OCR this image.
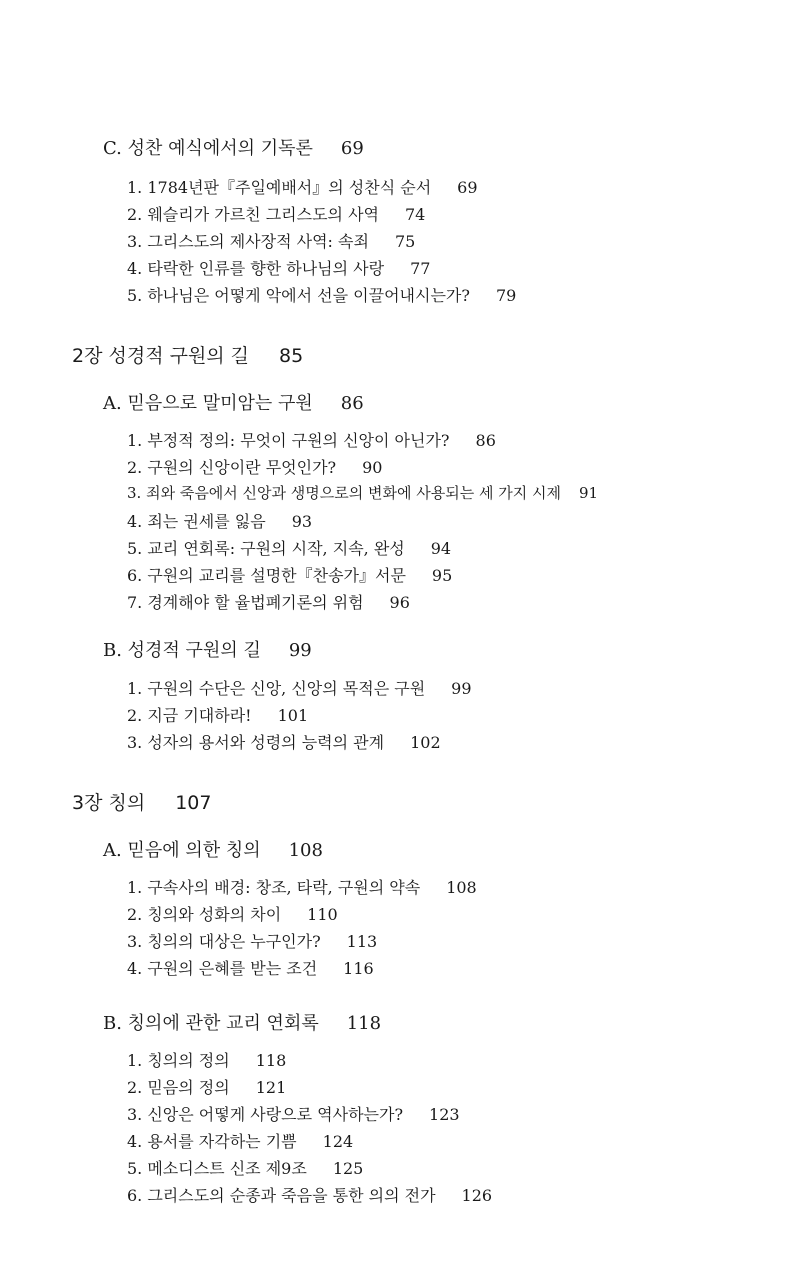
C. 성찬 예식에서의 기독론 69
1. 1784년판『주일예배서』의 성찬식 순서 69
2. 웨슬리가 가르친 그리스도의 사역 74
3. 그리스도의 제사장적 사역: 속죄 75
4. 타락한 인류를 향한 하나님의 사랑 77
5. 하나님은 어떻게 악에서 선을 이끌어내시는가? 79
2장 성경적 구원의 길 85
A. 믿음으로 말미암는 구원 86
1. 부정적 정의: 무엇이 구원의 신앙이 아닌가? 86
2. 구원의 신앙이란 무엇인가? 90
3. 죄와 죽음에서 신앙과 생명으로의 변화에 사용되는 세 가지 시제 91
4. 죄는 권세를 잃음 93
5. 교리 연회록: 구원의 시작, 지속, 완성 94
6. 구원의 교리를 설명한『찬송가』서문 95
7. 경계해야 할 율법폐기론의 위험 96
B. 성경적 구원의 길 99
1. 구원의 수단은 신앙, 신앙의 목적은 구원 99
2. 지금 기대하라! 101
3. 성자의 용서와 성령의 능력의 관계 102
3장 칭의 107
A. 믿음에 의한 칭의 108
1. 구속사의 배경: 창조, 타락, 구원의 약속 108
2. 칭의와 성화의 차이 110
3. 칭의의 대상은 누구인가? 113
4. 구원의 은혜를 받는 조건 116
B. 칭의에 관한 교리 연회록 118
1. 칭의의 정의 118
2. 믿음의 정의 121
3. 신앙은 어떻게 사랑으로 역사하는가? 123
4. 용서를 자각하는 기쁨 124
5. 메소디스트 신조 제9조 125
6. 그리스도의 순종과 죽음을 통한 의의 전가 126
